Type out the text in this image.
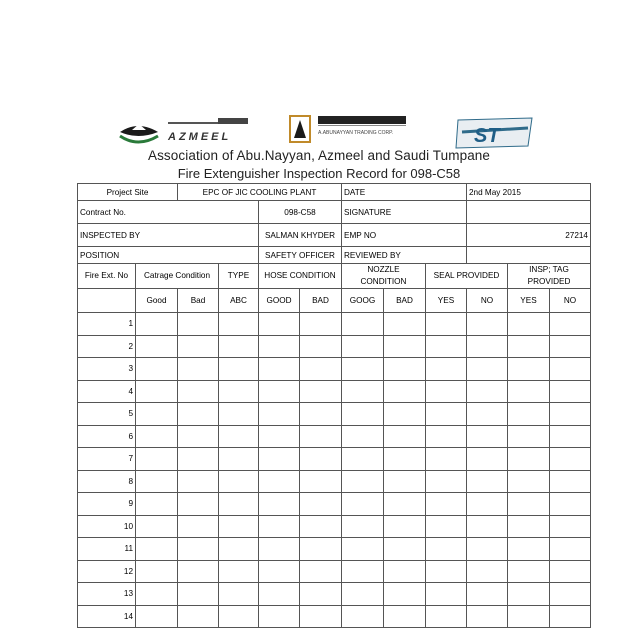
AZMEEL	A.ABUNAYYAN TRADING CORP.	ST
Association of Abu.Nayyan, Azmeel and Saudi Tumpane
Fire Extenguisher Inspection Record for 098-C58
Project Site		EPC OF JIC COOLING PLANT				DATE			2nd May 2015		
Contract No.				098-C58		SIGNATURE					
INSPECTED BY				SALMAN KHYDER		EMP NO			27214		
POSITION				SAFETY OFFICER		REVIEWED BY					
Fire Ext. No	Catrage Condition		TYPE	HOSE CONDITION		NOZZLE CONDITION		SEAL PROVIDED		INSP; TAG PROVIDED	
	Good	Bad	ABC	GOOD	BAD	GOOG	BAD	YES	NO	YES	NO
1											
2											
3											
4											
5											
6											
7											
8											
9											
10											
11											
12											
13											
14											
